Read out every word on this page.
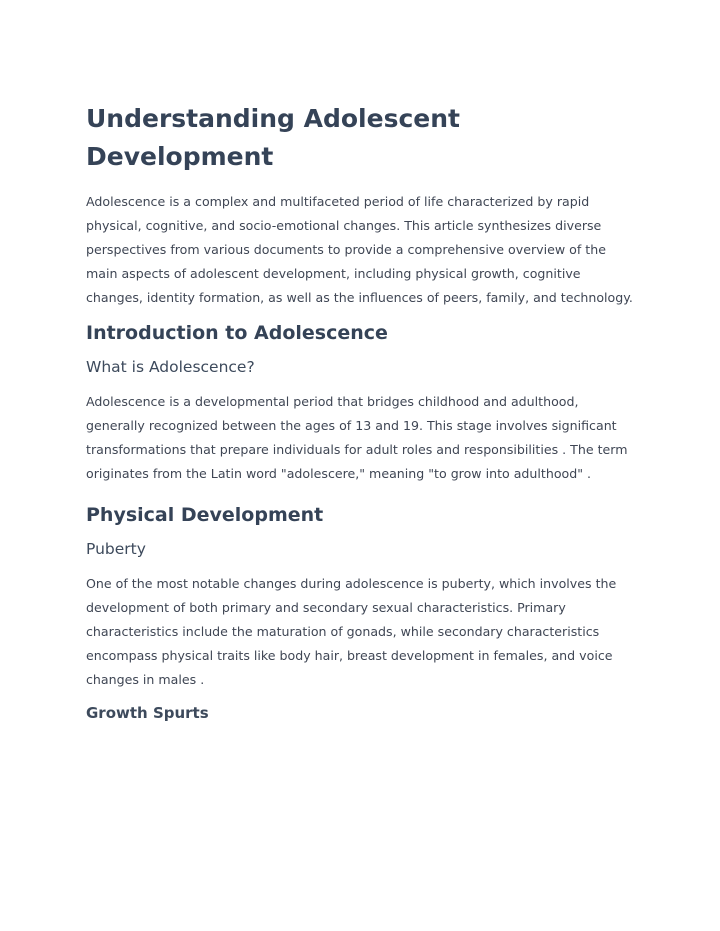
Understanding Adolescent Development

Adolescence is a complex and multifaceted period of life characterized by rapid physical, cognitive, and socio-emotional changes. This article synthesizes diverse perspectives from various documents to provide a comprehensive overview of the main aspects of adolescent development, including physical growth, cognitive changes, identity formation, as well as the influences of peers, family, and technology.

Introduction to Adolescence
What is Adolescence?

Adolescence is a developmental period that bridges childhood and adulthood, generally recognized between the ages of 13 and 19. This stage involves significant transformations that prepare individuals for adult roles and responsibilities . The term originates from the Latin word "adolescere," meaning "to grow into adulthood" .

Physical Development
Puberty

One of the most notable changes during adolescence is puberty, which involves the development of both primary and secondary sexual characteristics. Primary characteristics include the maturation of gonads, while secondary characteristics encompass physical traits like body hair, breast development in females, and voice changes in males .

Growth Spurts
